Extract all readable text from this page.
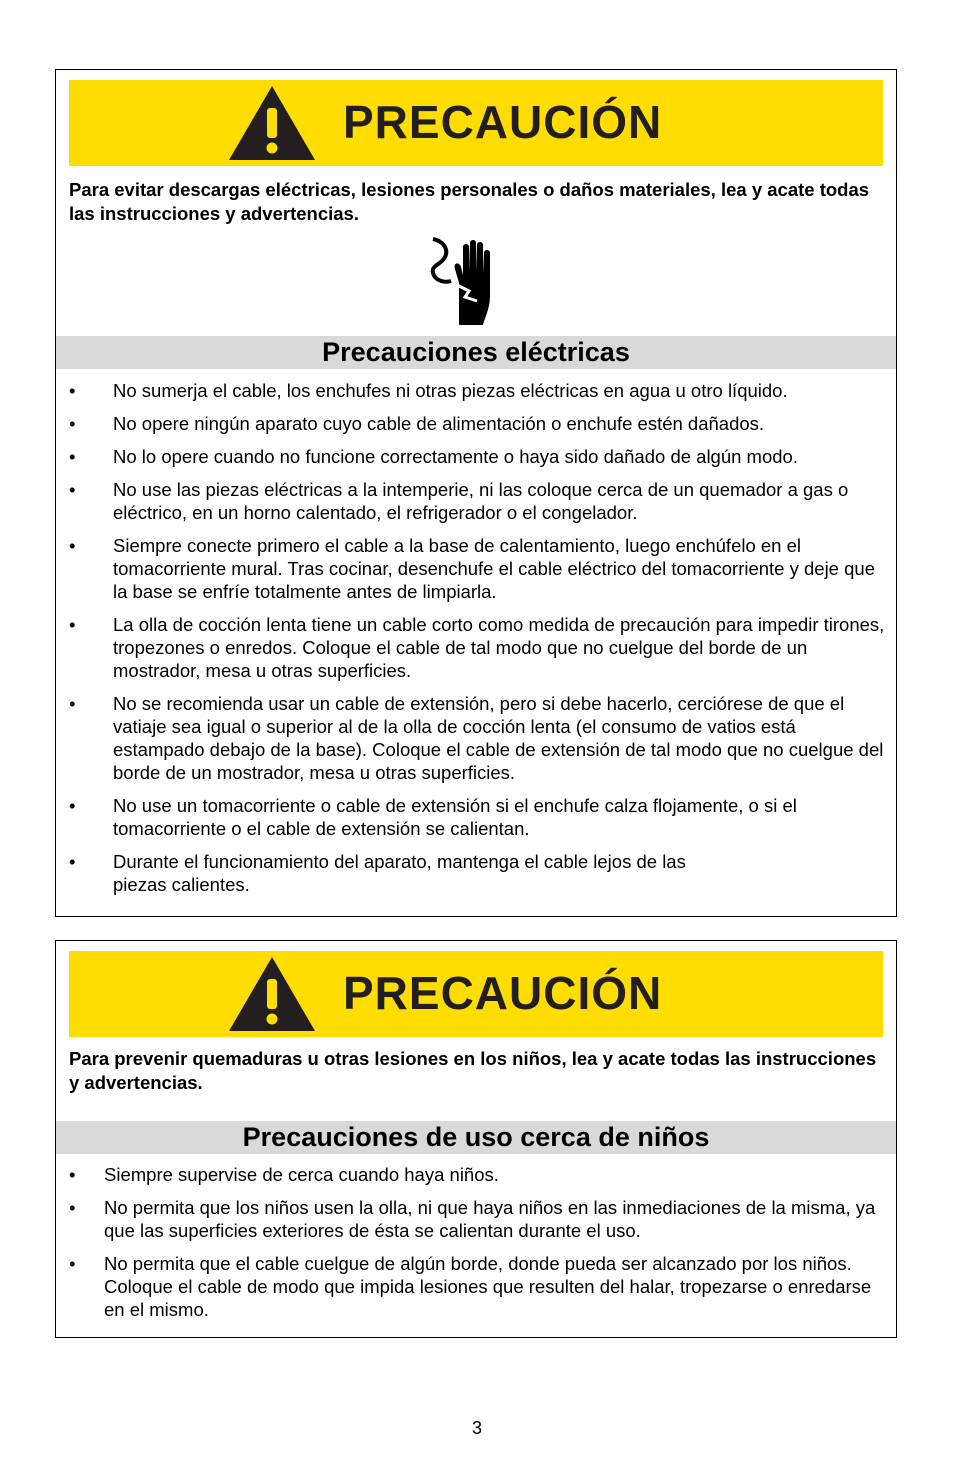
PRECAUCIÓN
Para evitar descargas eléctricas, lesiones personales o daños materiales, lea y acate todas las instrucciones y advertencias.
Precauciones eléctricas
• No sumerja el cable, los enchufes ni otras piezas eléctricas en agua u otro líquido.
• No opere ningún aparato cuyo cable de alimentación o enchufe estén dañados.
• No lo opere cuando no funcione correctamente o haya sido dañado de algún modo.
• No use las piezas eléctricas a la intemperie, ni las coloque cerca de un quemador a gas o eléctrico, en un horno calentado, el refrigerador o el congelador.
• Siempre conecte primero el cable a la base de calentamiento, luego enchúfelo en el tomacorriente mural. Tras cocinar, desenchufe el cable eléctrico del tomacorriente y deje que la base se enfríe totalmente antes de limpiarla.
• La olla de cocción lenta tiene un cable corto como medida de precaución para impedir tirones, tropezones o enredos. Coloque el cable de tal modo que no cuelgue del borde de un mostrador, mesa u otras superficies.
• No se recomienda usar un cable de extensión, pero si debe hacerlo, cerciórese de que el vatiaje sea igual o superior al de la olla de cocción lenta (el consumo de vatios está estampado debajo de la base). Coloque el cable de extensión de tal modo que no cuelgue del borde de un mostrador, mesa u otras superficies.
• No use un tomacorriente o cable de extensión si el enchufe calza flojamente, o si el tomacorriente o el cable de extensión se calientan.
• Durante el funcionamiento del aparato, mantenga el cable lejos de las piezas calientes.
PRECAUCIÓN
Para prevenir quemaduras u otras lesiones en los niños, lea y acate todas las instrucciones y advertencias.
Precauciones de uso cerca de niños
• Siempre supervise de cerca cuando haya niños.
• No permita que los niños usen la olla, ni que haya niños en las inmediaciones de la misma, ya que las superficies exteriores de ésta se calientan durante el uso.
• No permita que el cable cuelgue de algún borde, donde pueda ser alcanzado por los niños. Coloque el cable de modo que impida lesiones que resulten del halar, tropezarse o enredarse en el mismo.
3
